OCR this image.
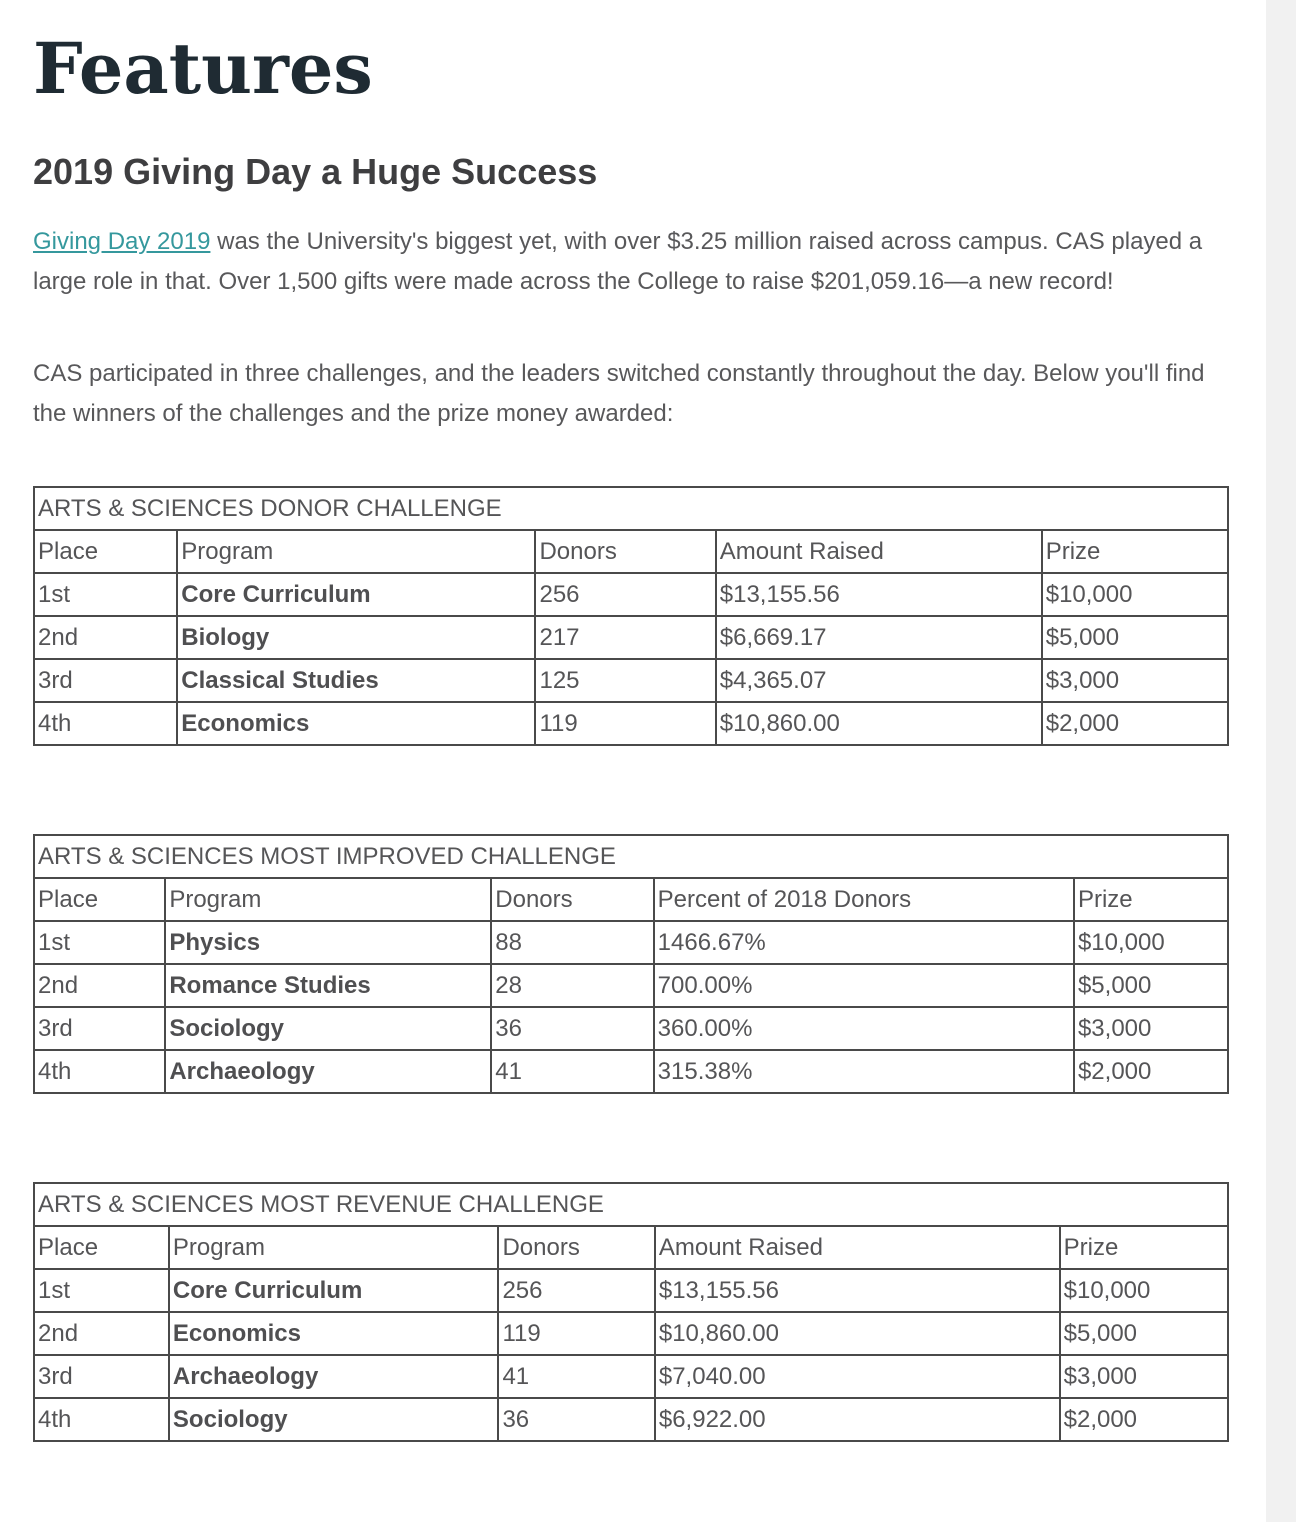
Features
2019 Giving Day a Huge Success

Giving Day 2019 was the University's biggest yet, with over $3.25 million raised across campus. CAS played a large role in that. Over 1,500 gifts were made across the College to raise $201,059.16—a new record!

CAS participated in three challenges, and the leaders switched constantly throughout the day. Below you'll find the winners of the challenges and the prize money awarded:

ARTS & SCIENCES DONOR CHALLENGE				
Place	Program	Donors	Amount Raised	Prize
1st	Core Curriculum	256	$13,155.56	$10,000
2nd	Biology	217	$6,669.17	$5,000
3rd	Classical Studies	125	$4,365.07	$3,000
4th	Economics	119	$10,860.00	$2,000
ARTS & SCIENCES MOST IMPROVED CHALLENGE				
Place	Program	Donors	Percent of 2018 Donors	Prize
1st	Physics	88	1466.67%	$10,000
2nd	Romance Studies	28	700.00%	$5,000
3rd	Sociology	36	360.00%	$3,000
4th	Archaeology	41	315.38%	$2,000
ARTS & SCIENCES MOST REVENUE CHALLENGE				
Place	Program	Donors	Amount Raised	Prize
1st	Core Curriculum	256	$13,155.56	$10,000
2nd	Economics	119	$10,860.00	$5,000
3rd	Archaeology	41	$7,040.00	$3,000
4th	Sociology	36	$6,922.00	$2,000
